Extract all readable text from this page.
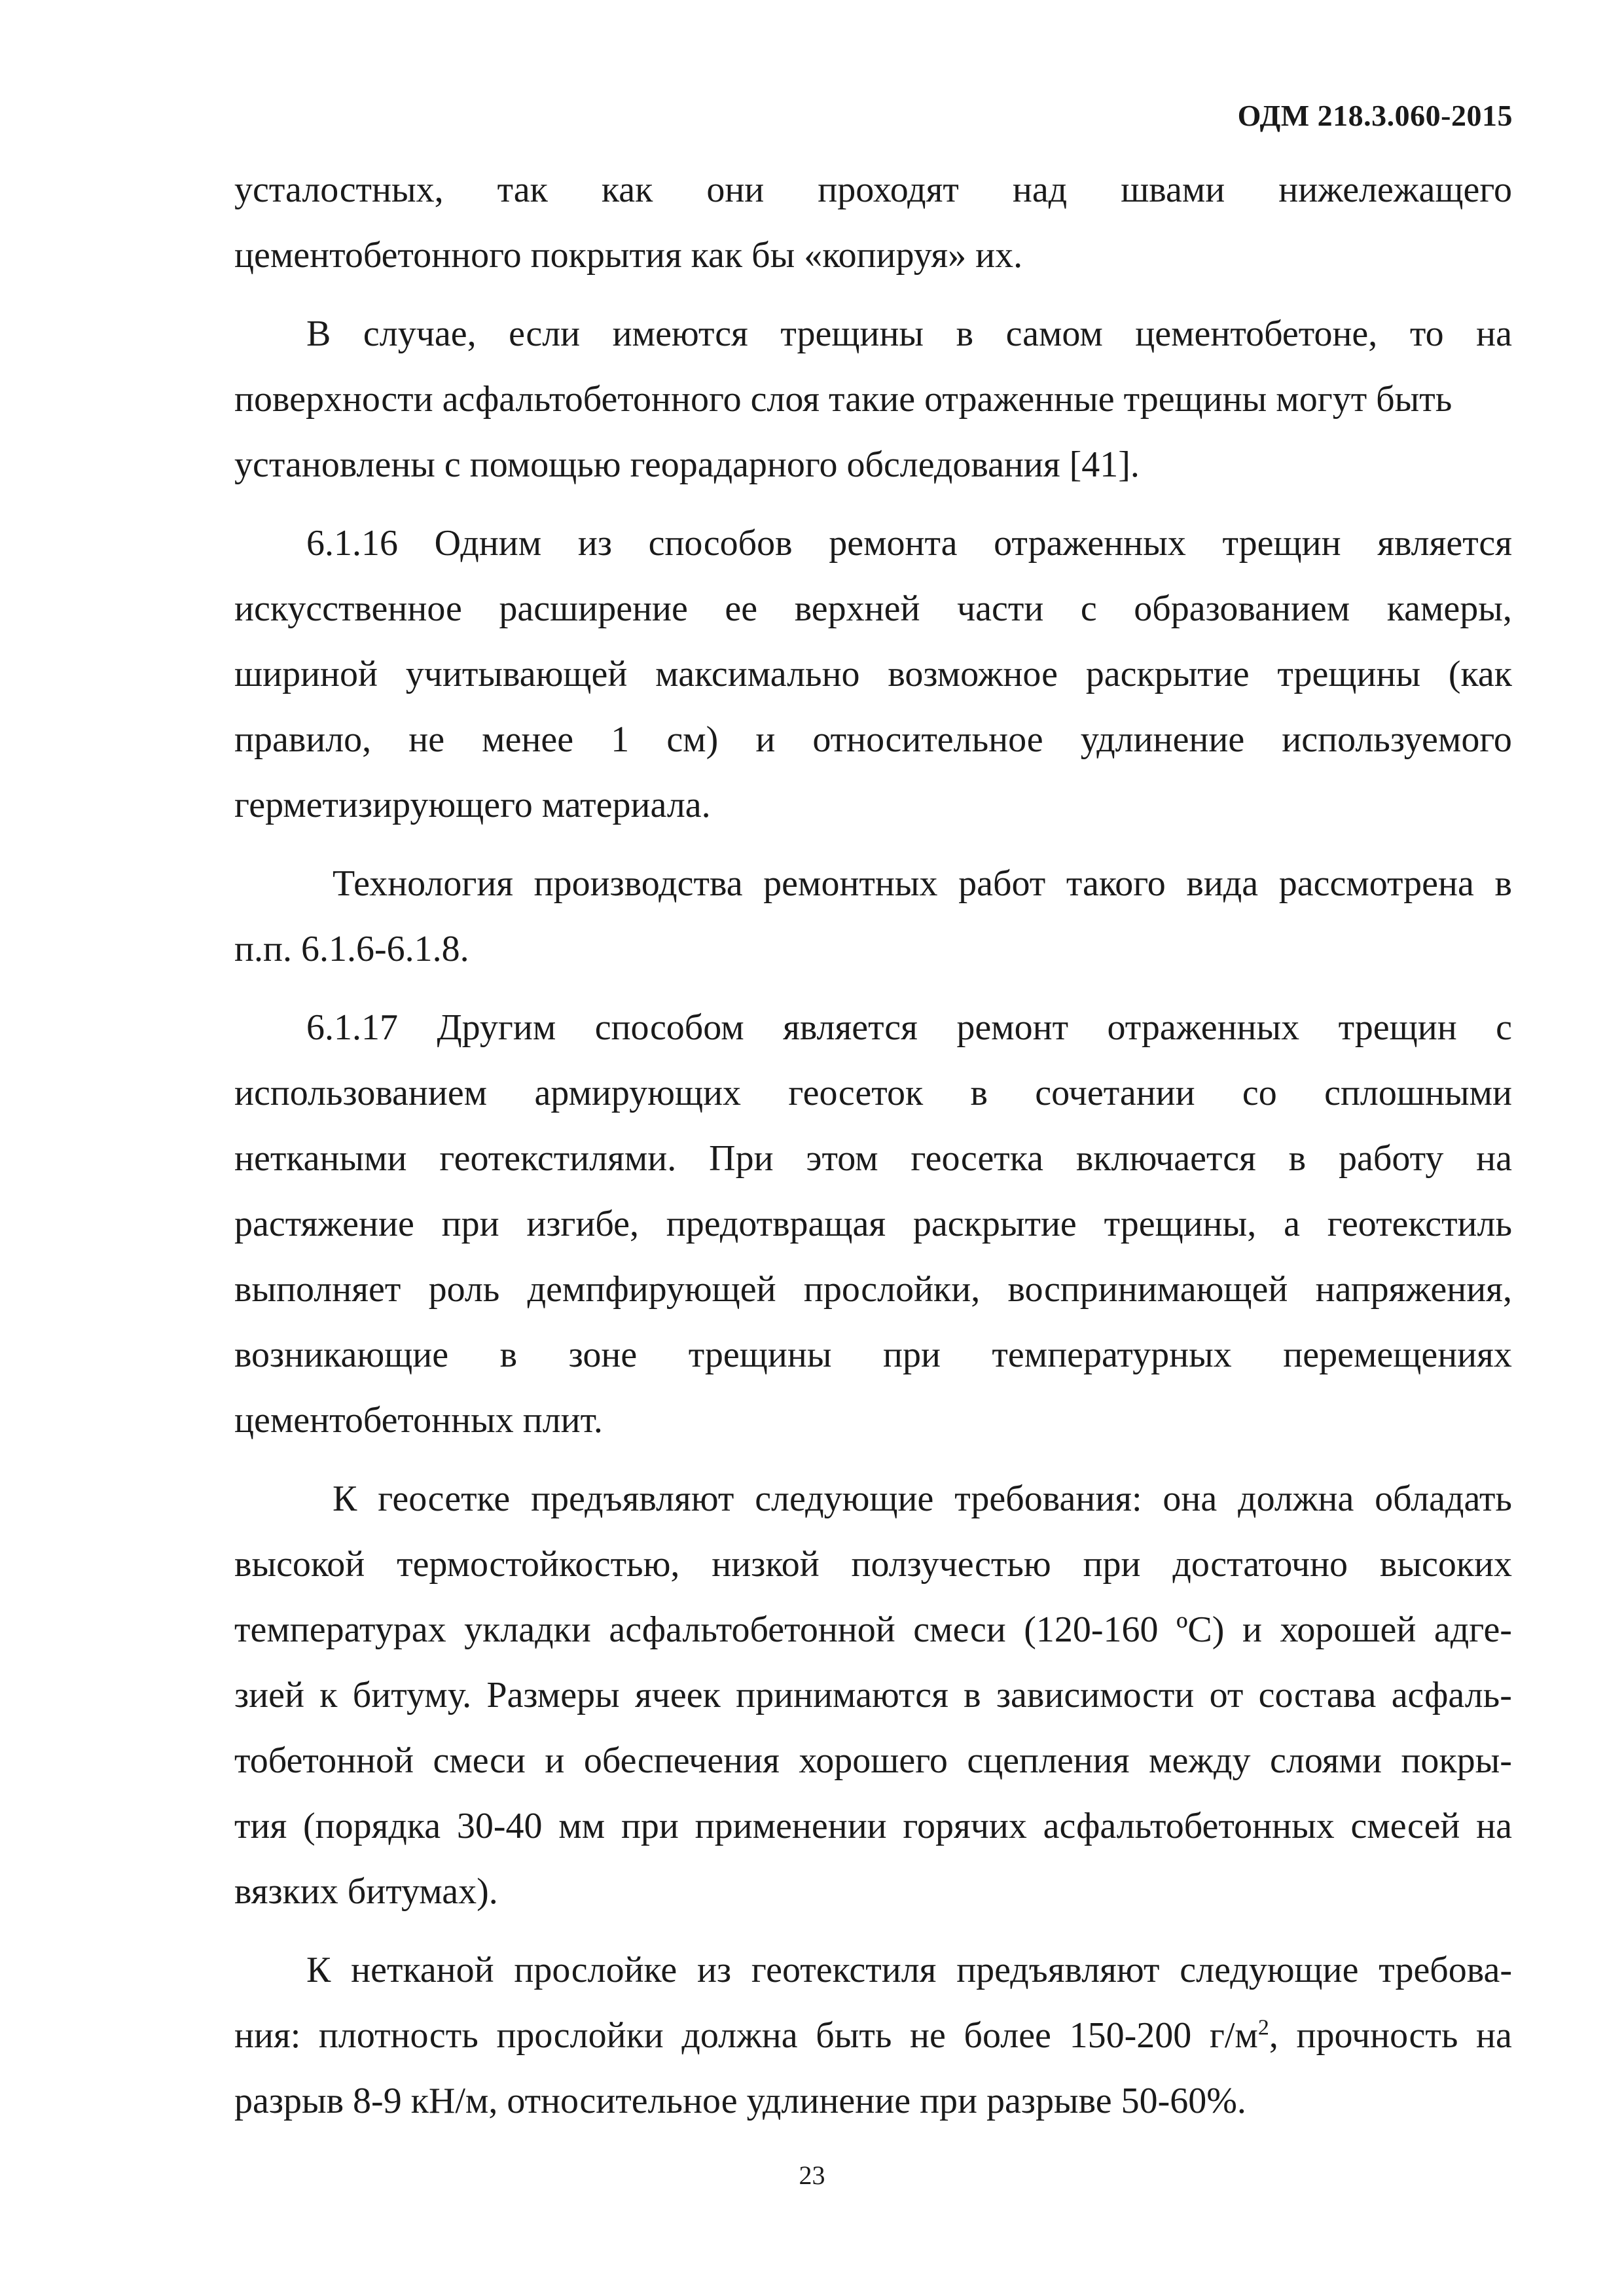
ОДМ 218.3.060-2015
усталостных, так как они проходят над швами нижележащего
цементобетонного покрытия как бы «копируя» их.
В случае, если имеются трещины в самом цементобетоне, то на
поверхности асфальтобетонного слоя такие отраженные трещины могут быть
установлены с помощью георадарного обследования [41].
6.1.16 Одним из способов ремонта отраженных трещин является
искусственное расширение ее верхней части с образованием камеры,
шириной учитывающей максимально возможное раскрытие трещины (как
правило, не менее 1 см) и относительное удлинение используемого
герметизирующего материала.
Технология производства ремонтных работ такого вида рассмотрена в
п.п. 6.1.6-6.1.8.
6.1.17 Другим способом является ремонт отраженных трещин с
использованием армирующих геосеток в сочетании со сплошными
неткаными геотекстилями. При этом геосетка включается в работу на
растяжение при изгибе, предотвращая раскрытие трещины, а геотекстиль
выполняет роль демпфирующей прослойки, воспринимающей напряжения,
возникающие в зоне трещины при температурных перемещениях
цементобетонных плит.
К геосетке предъявляют следующие требования: она должна обладать
высокой термостойкостью, низкой ползучестью при достаточно высоких
температурах укладки асфальтобетонной смеси (120-160 ºС) и хорошей адге-
зией к битуму. Размеры ячеек принимаются в зависимости от состава асфаль-
тобетонной смеси и обеспечения хорошего сцепления между слоями покры-
тия (порядка 30-40 мм при применении горячих асфальтобетонных смесей на
вязких битумах).
К нетканой прослойке из геотекстиля предъявляют следующие требова-
ния: плотность прослойки должна быть не более 150-200 $г/м^2$, прочность на
разрыв 8-9 кН/м, относительное удлинение при разрыве 50-60%.
23
